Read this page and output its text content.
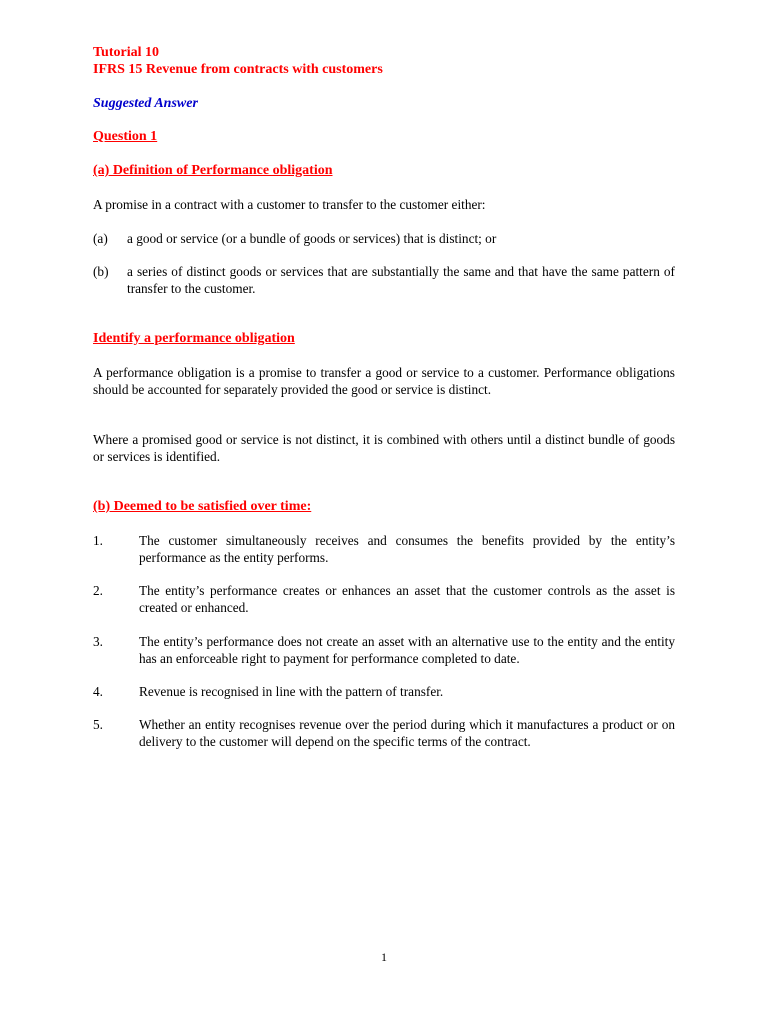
Tutorial 10

IFRS 15 Revenue from contracts with customers

Suggested Answer

Question 1

(a) Definition of Performance obligation

A promise in a contract with a customer to transfer to the customer either:

(a) a good or service (or a bundle of goods or services) that is distinct; or

(b) a series of distinct goods or services that are substantially the same and that have the same pattern of transfer to the customer.

Identify a performance obligation

A performance obligation is a promise to transfer a good or service to a customer. Performance obligations should be accounted for separately provided the good or service is distinct.

Where a promised good or service is not distinct, it is combined with others until a distinct bundle of goods or services is identified.

(b) Deemed to be satisfied over time:

1.	The customer simultaneously receives and consumes the benefits provided by the entity’s performance as the entity performs.

2.	The entity’s performance creates or enhances an asset that the customer controls as the asset is created or enhanced.

3.	The entity’s performance does not create an asset with an alternative use to the entity and the entity has an enforceable right to payment for performance completed to date.

4.	Revenue is recognised in line with the pattern of transfer.

5.	Whether an entity recognises revenue over the period during which it manufactures a product or on delivery to the customer will depend on the specific terms of the contract.

1
